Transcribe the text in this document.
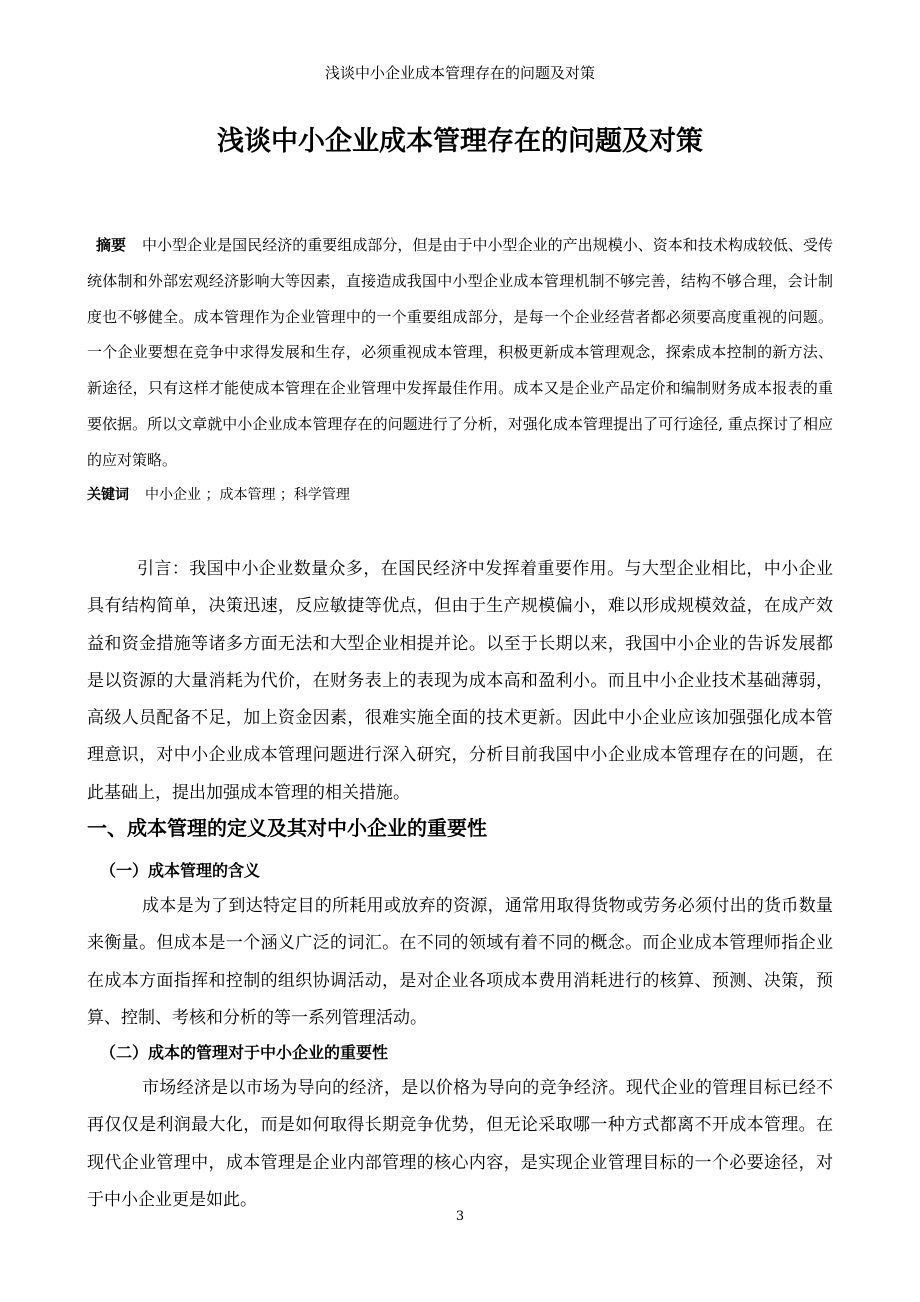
浅谈中小企业成本管理存在的问题及对策
浅谈中小企业成本管理存在的问题及对策

摘要 中小型企业是国民经济的重要组成部分，但是由于中小型企业的产出规模小、资本和技术构成较低、受传统体制和外部宏观经济影响大等因素，直接造成我国中小型企业成本管理机制不够完善，结构不够合理，会计制度也不够健全。成本管理作为企业管理中的一个重要组成部分，是每一个企业经营者都必须要高度重视的问题。一个企业要想在竞争中求得发展和生存，必须重视成本管理，积极更新成本管理观念，探索成本控制的新方法、新途径，只有这样才能使成本管理在企业管理中发挥最佳作用。成本又是企业产品定价和编制财务成本报表的重要依据。所以文章就中小企业成本管理存在的问题进行了分析，对强化成本管理提出了可行途径, 重点探讨了相应的应对策略。

关键词 中小企业 ；成本管理 ；科学管理

引言：我国中小企业数量众多，在国民经济中发挥着重要作用。与大型企业相比，中小企业具有结构简单，决策迅速，反应敏捷等优点，但由于生产规模偏小，难以形成规模效益，在成产效益和资金措施等诸多方面无法和大型企业相提并论。以至于长期以来，我国中小企业的告诉发展都是以资源的大量消耗为代价，在财务表上的表现为成本高和盈利小。而且中小企业技术基础薄弱，高级人员配备不足，加上资金因素，很难实施全面的技术更新。因此中小企业应该加强强化成本管理意识，对中小企业成本管理问题进行深入研究，分析目前我国中小企业成本管理存在的问题，在此基础上，提出加强成本管理的相关措施。

一、成本管理的定义及其对中小企业的重要性
（一）成本管理的含义

成本是为了到达特定目的所耗用或放弃的资源，通常用取得货物或劳务必须付出的货币数量来衡量。但成本是一个涵义广泛的词汇。在不同的领域有着不同的概念。而企业成本管理师指企业在成本方面指挥和控制的组织协调活动，是对企业各项成本费用消耗进行的核算、预测、决策，预算、控制、考核和分析的等一系列管理活动。

（二）成本的管理对于中小企业的重要性

市场经济是以市场为导向的经济，是以价格为导向的竞争经济。现代企业的管理目标已经不再仅仅是利润最大化，而是如何取得长期竞争优势，但无论采取哪一种方式都离不开成本管理。在现代企业管理中，成本管理是企业内部管理的核心内容，是实现企业管理目标的一个必要途径，对于中小企业更是如此。

3
